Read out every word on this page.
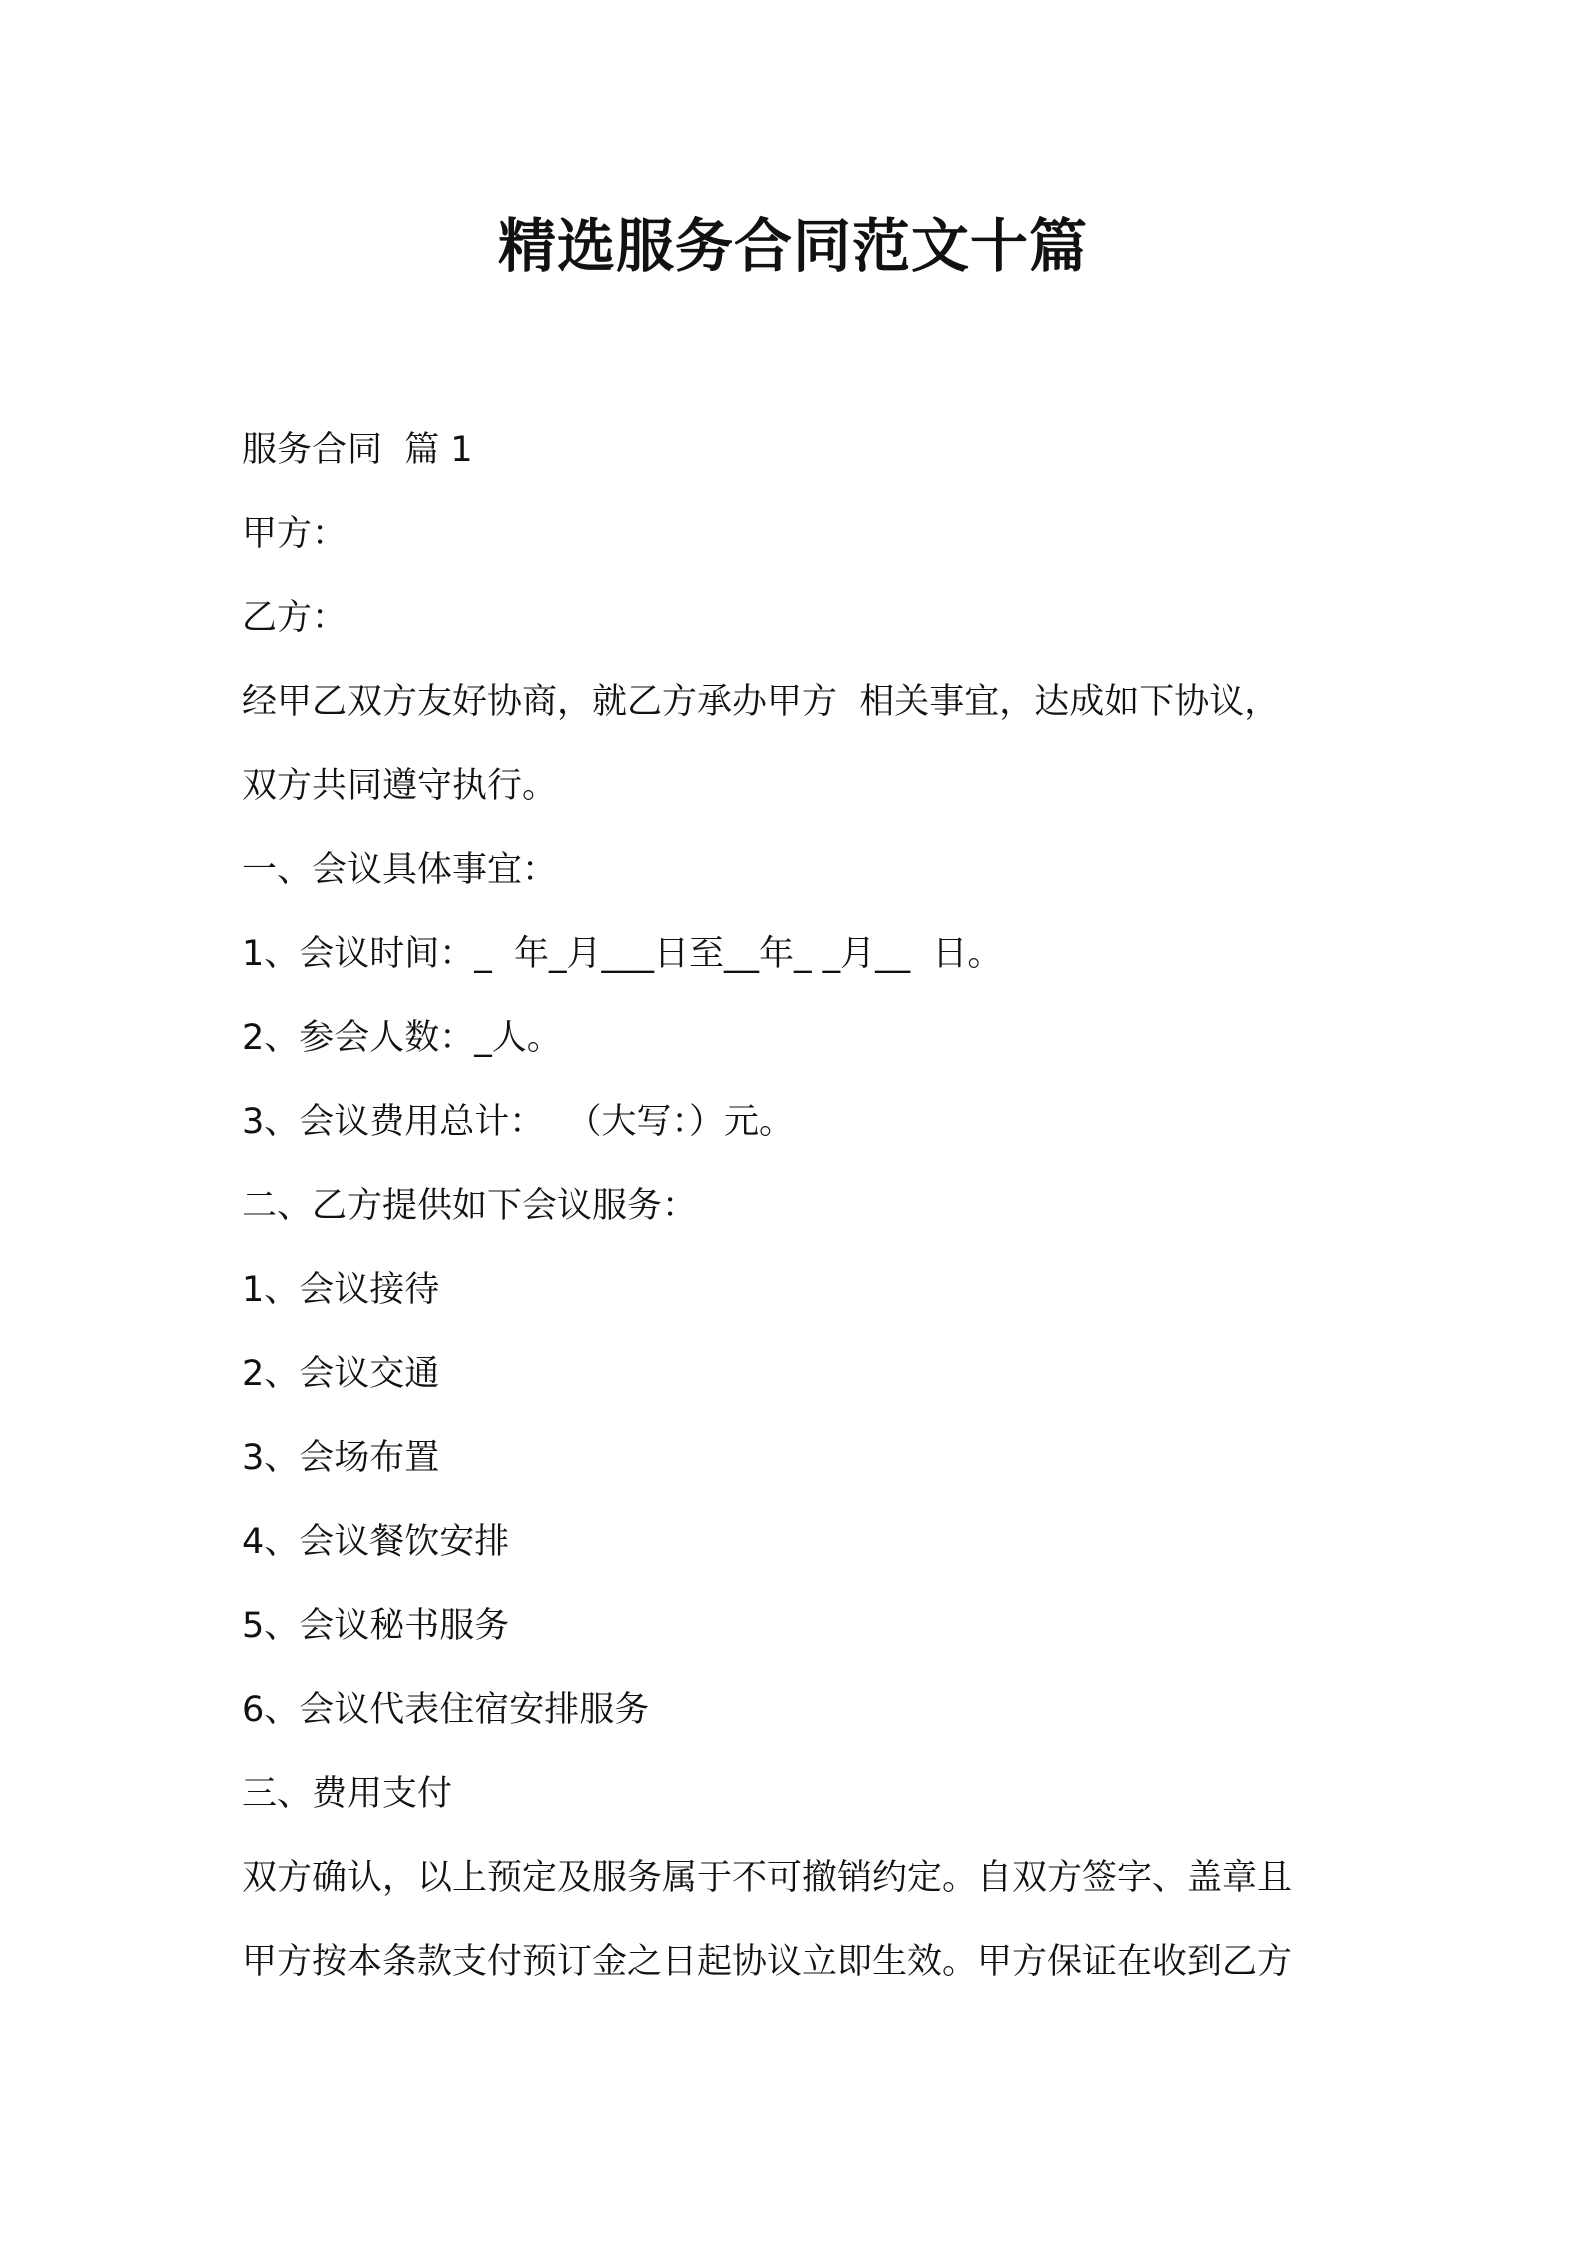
精选服务合同范文十篇

服务合同  篇 1

甲方：

乙方：

经甲乙双方友好协商，就乙方承办甲方  相关事宜，达成如下协议，

双方共同遵守执行。

一、会议具体事宜：

1、会议时间：_  年_月___日至__年_ _月__  日。

2、参会人数：_人。

3、会议费用总计：  （大写：）元。

二、乙方提供如下会议服务：

1、会议接待

2、会议交通

3、会场布置

4、会议餐饮安排

5、会议秘书服务

6、会议代表住宿安排服务

三、费用支付

双方确认，以上预定及服务属于不可撤销约定。自双方签字、盖章且

甲方按本条款支付预订金之日起协议立即生效。甲方保证在收到乙方
